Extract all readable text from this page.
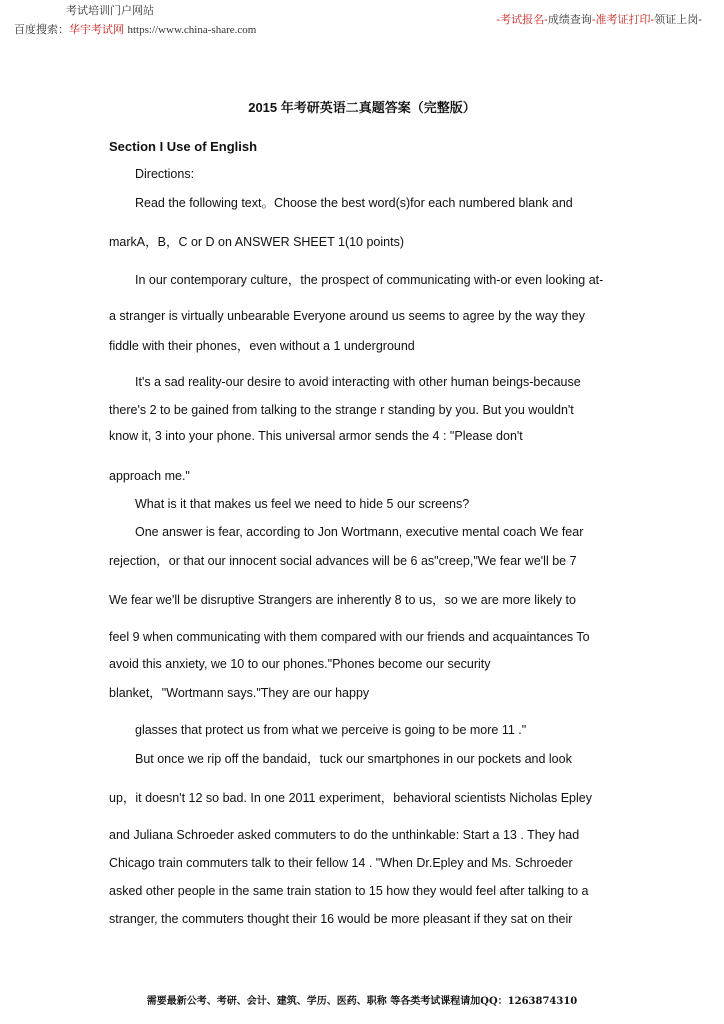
考试培训门户网站
百度搜索：华宇考试网 https://www.china-share.com
-考试报名-成绩查询-准考证打印-领证上岗-
2015 年考研英语二真题答案（完整版）
Section I Use of English
Directions:
Read the following text。Choose the best word(s)for each numbered blank and
markA，B，C or D on ANSWER SHEET 1(10 points)
In our contemporary culture，the prospect of communicating with-or even looking at-
a stranger is virtually unbearable Everyone around us seems to agree by the way they
fiddle with their phones，even without a 1 underground
It's a sad reality-our desire to avoid interacting with other human beings-because
there's 2 to be gained from talking to the strange r standing by you. But you wouldn't
know it, 3 into your phone. This universal armor sends the 4 : "Please don't
approach me."
What is it that makes us feel we need to hide 5 our screens?
One answer is fear, according to Jon Wortmann, executive mental coach We fear
rejection，or that our innocent social advances will be 6 as"creep,"We fear we'll be 7
We fear we'll be disruptive Strangers are inherently 8 to us，so we are more likely to
feel 9 when communicating with them compared with our friends and acquaintances To
avoid this anxiety, we 10 to our phones."Phones become our security
blanket，"Wortmann says."They are our happy
glasses that protect us from what we perceive is going to be more 11 ."
But once we rip off the bandaid，tuck our smartphones in our pockets and look
up，it doesn't 12 so bad. In one 2011 experiment，behavioral scientists Nicholas Epley
and Juliana Schroeder asked commuters to do the unthinkable: Start a 13 . They had
Chicago train commuters talk to their fellow 14 . "When Dr.Epley and Ms. Schroeder
asked other people in the same train station to 15 how they would feel after talking to a
stranger, the commuters thought their 16 would be more pleasant if they sat on their
需要最新公考、考研、会计、建筑、学历、医药、职称 等各类考试课程请加QQ：1263874310
